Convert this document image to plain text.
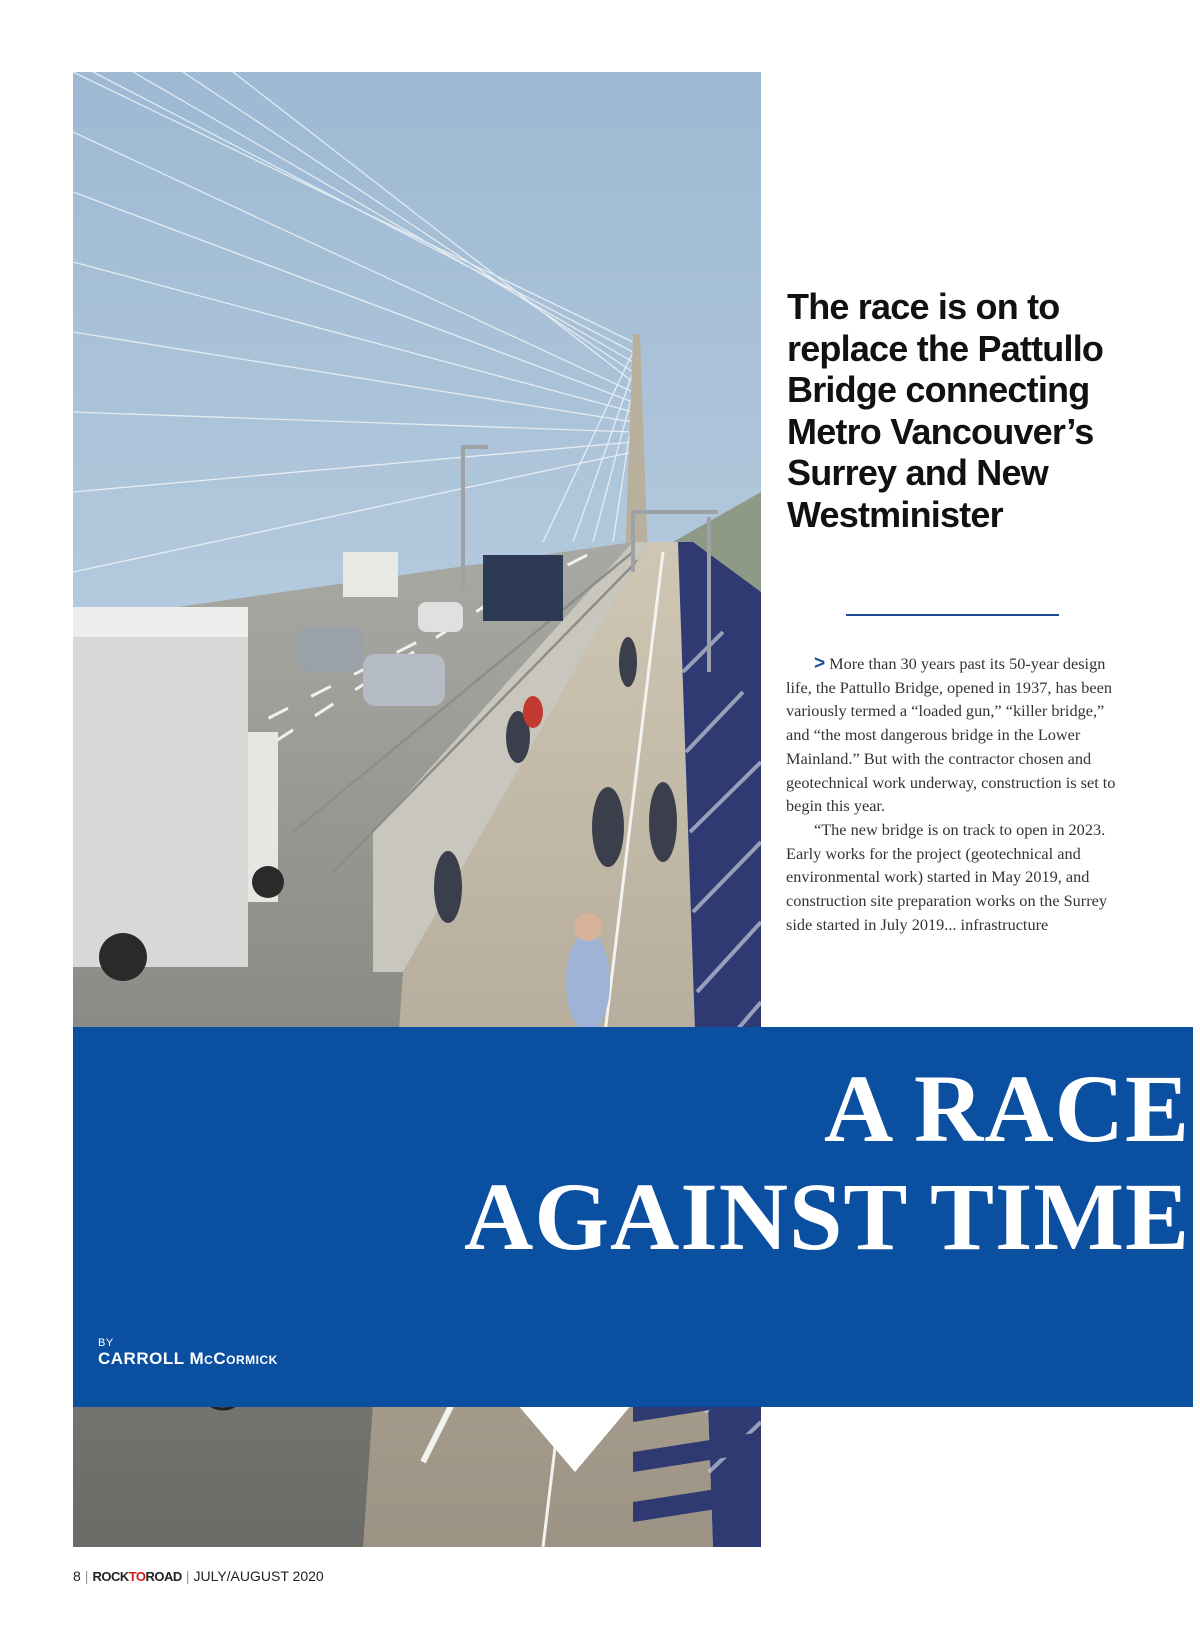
The race is on to replace the Pattullo Bridge connecting Metro Vancouver’s Surrey and New Westminister

> More than 30 years past its 50-year design life, the Pattullo Bridge, opened in 1937, has been variously termed a “loaded gun,” “killer bridge,” and “the most dangerous bridge in the Lower Mainland.” But with the contractor chosen and geotechnical work underway, construction is set to begin this year.

“The new bridge is on track to open in 2023. Early works for the project (geotechnical and environmental work) started in May 2019, and construction site preparation works on the Surrey side started in July 2019... infrastructure

A RACE
AGAINST TIME
BY
CARROLL McCormick
8 | ROCKTOROAD | JULY/AUGUST 2020
